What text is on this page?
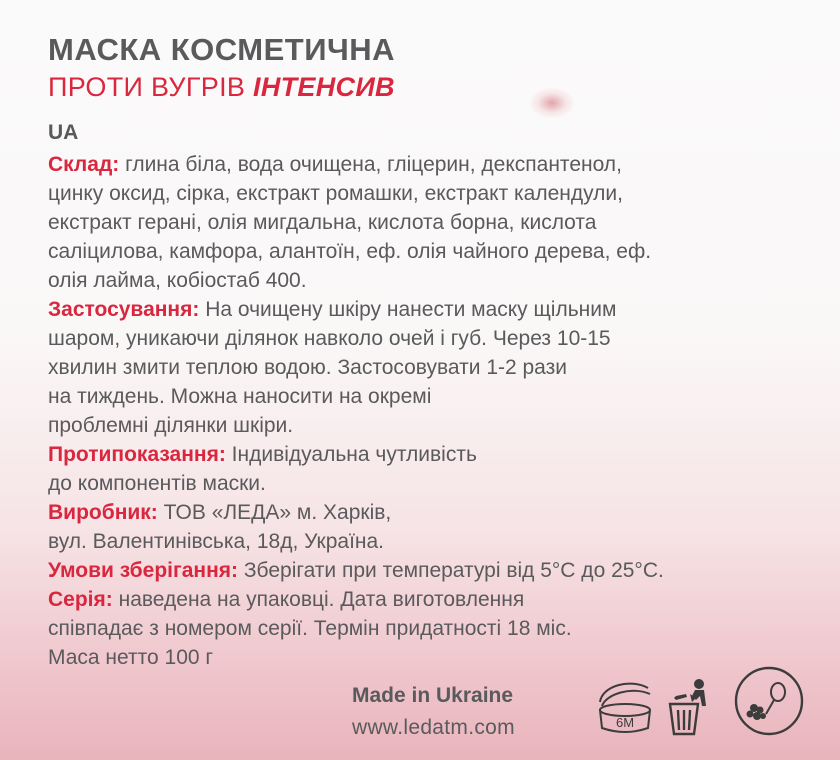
МАСКА КОСМЕТИЧНА
ПРОТИ ВУГРІВ ІНТЕНСИВ
UA
Склад: глина біла, вода очищена, гліцерин, декспантенол,
цинку оксид, сірка, екстракт ромашки, екстракт календули,
екстракт герані, олія мигдальна, кислота борна, кислота
саліцилова, камфора, алантоїн, еф. олія чайного дерева, еф.
олія лайма, кобіостаб 400.
Застосування: На очищену шкіру нанести маску щільним
шаром, уникаючи ділянок навколо очей і губ. Через 10-15
хвилин змити теплою водою. Застосовувати 1-2 рази
на тиждень. Можна наносити на окремі
проблемні ділянки шкіри.
Протипоказання: Індивідуальна чутливість
до компонентів маски.
Виробник: ТОВ «ЛЕДА» м. Харків,
вул. Валентинівська, 18д, Україна.
Умови зберігання: Зберігати при температурі від 5°С до 25°С.
Серія: наведена на упаковці. Дата виготовлення
співпадає з номером серії. Термін придатності 18 міс.
Маса нетто 100 г
Made in Ukraine
www.ledatm.com	6M
